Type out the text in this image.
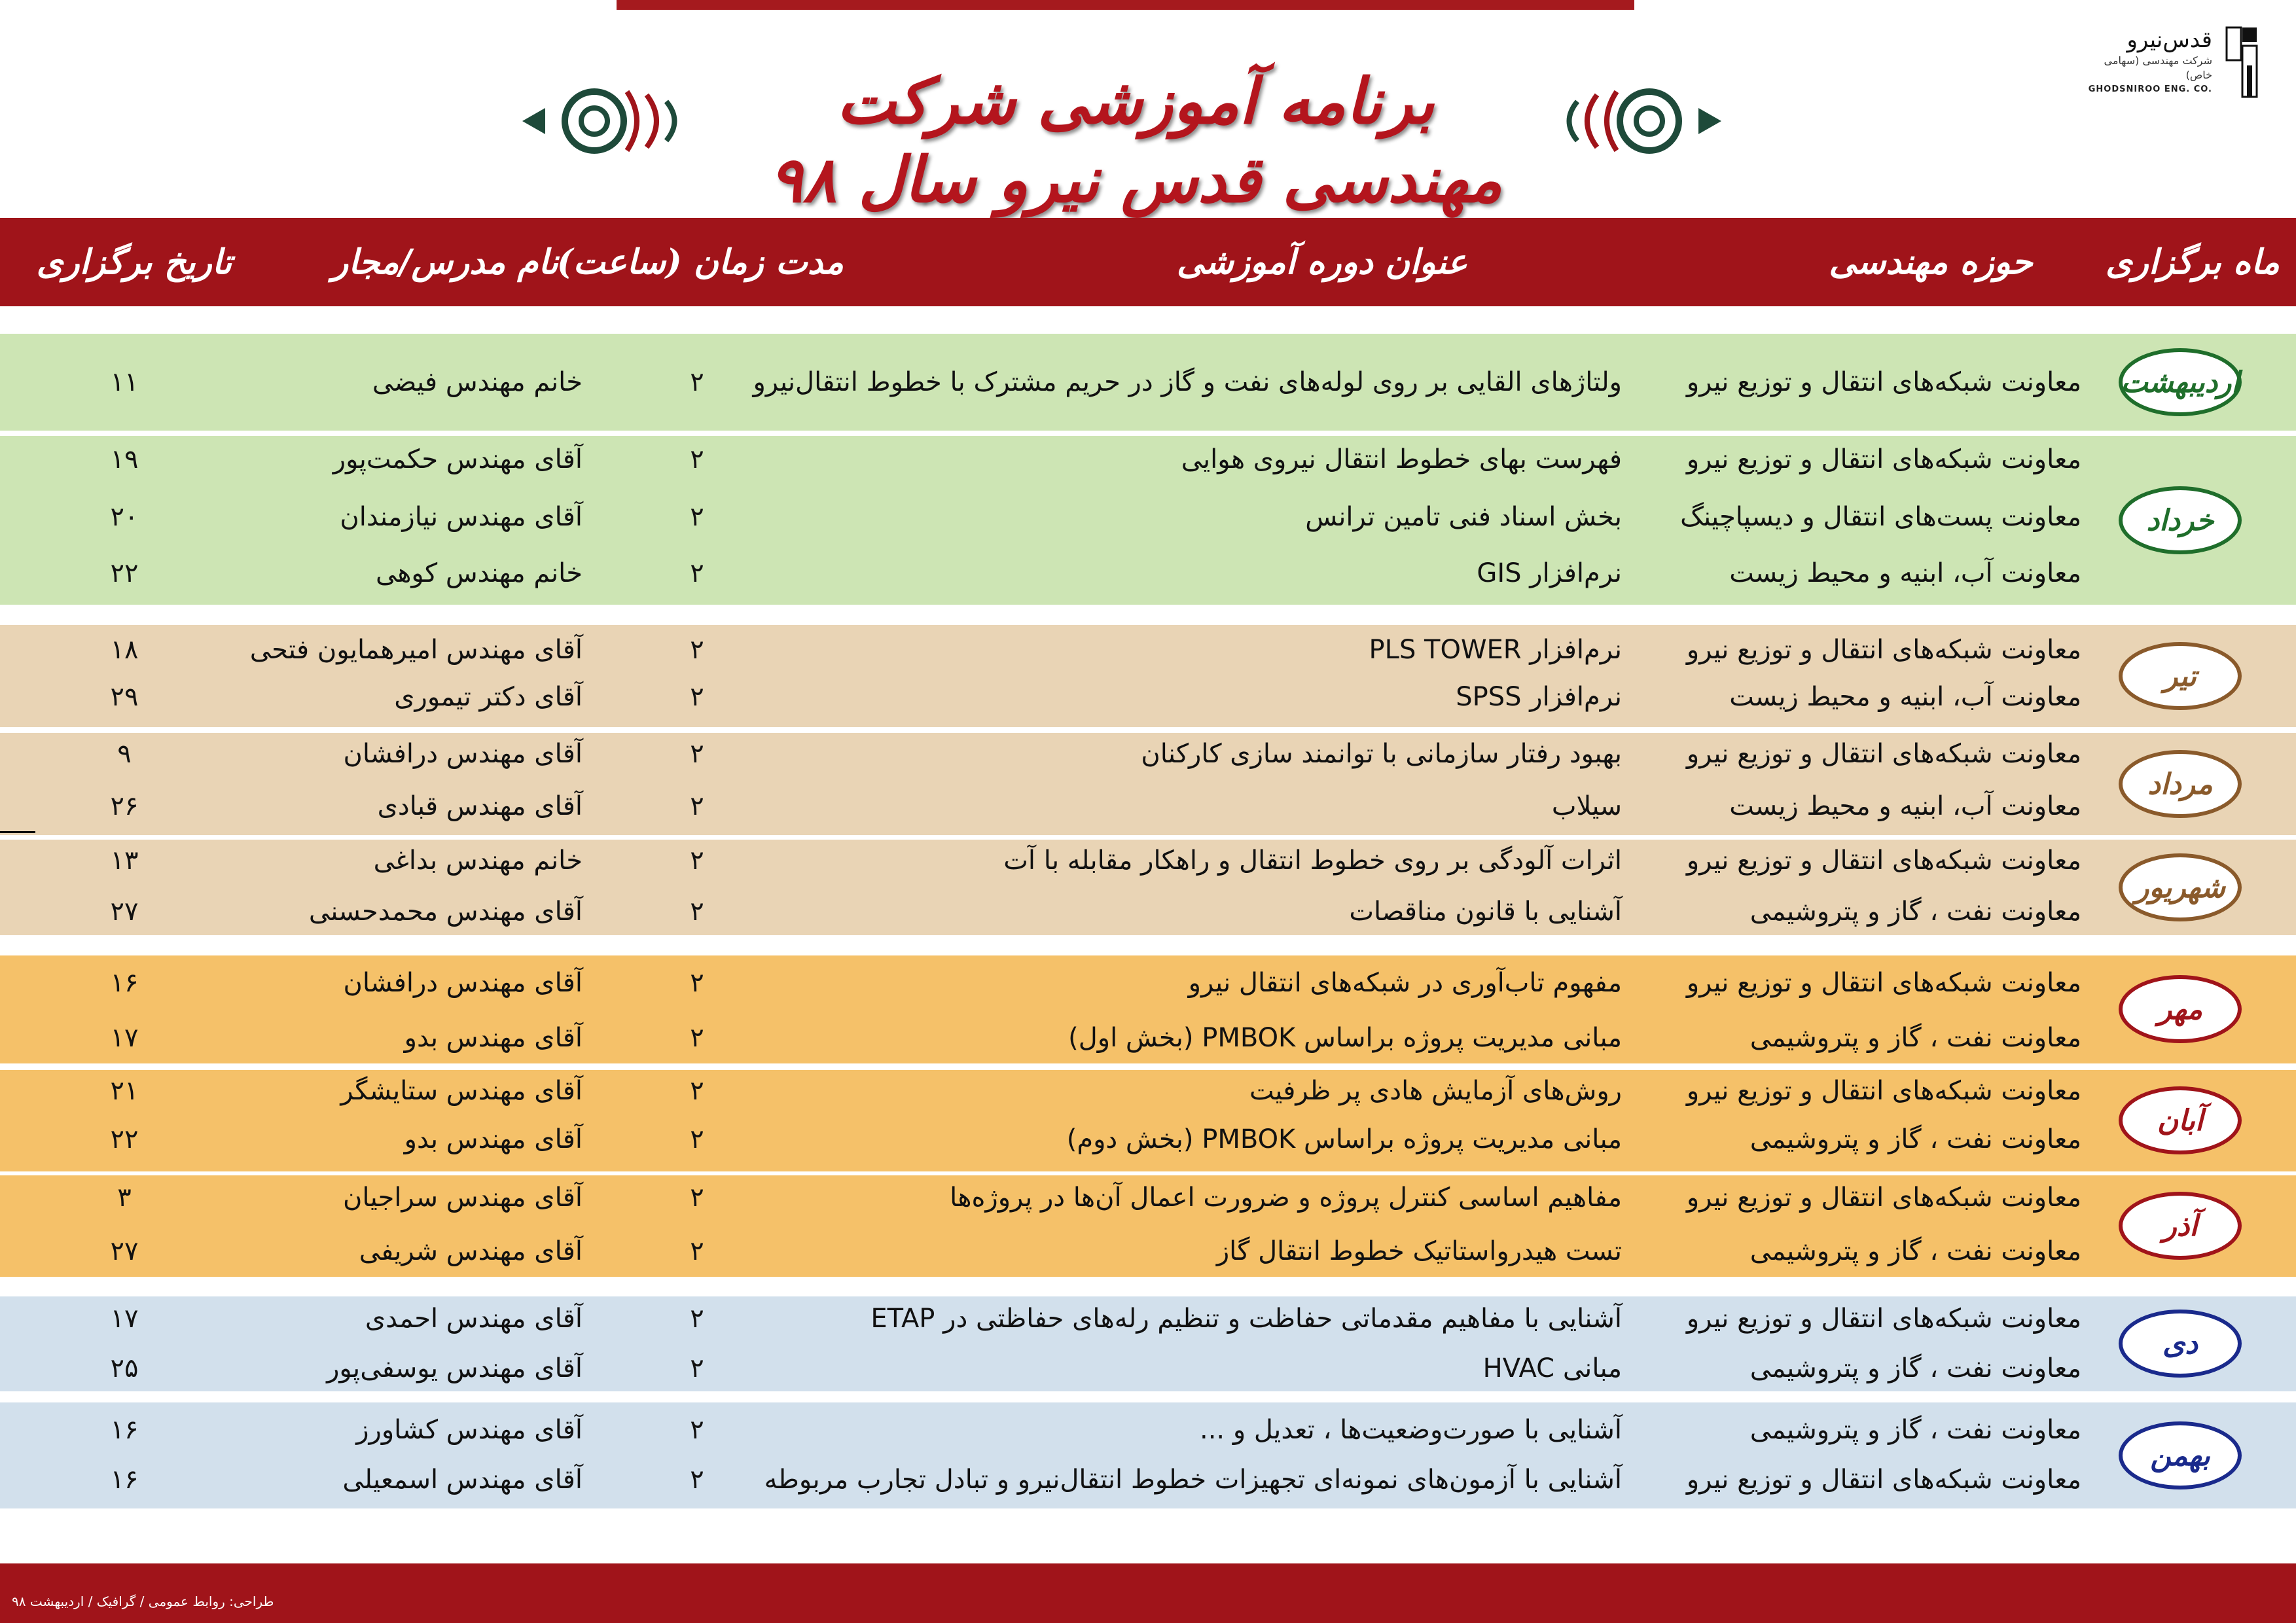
قدس‌نیرو
شرکت مهندسی (سهامی خاص)
GHODSNIROO ENG. CO.
برنامه آموزشی شرکت مهندسی قدس نیرو سال ۹۸
ماه برگزاری
حوزه مهندسی
عنوان دوره آموزشی
مدت زمان (ساعت)
نام مدرس/مجار
تاریخ برگزاری
اردیبهشت
معاونت شبکه‌های انتقال و توزیع نیرو
ولتاژهای القایی بر روی لوله‌های نفت و گاز در حریم مشترک با خطوط انتقال‌نیرو
۲
خانم مهندس فیضی
۱۱
خرداد
معاونت شبکه‌های انتقال و توزیع نیرو
فهرست بهای خطوط انتقال نیروی هوایی
۲
آقای مهندس حکمت‌پور
۱۹
معاونت پست‌های انتقال و دیسپاچینگ
بخش اسناد فنی تامین ترانس
۲
آقای مهندس نیازمندان
۲۰
معاونت آب، ابنیه و محیط زیست
نرم‌افزار GIS
۲
خانم مهندس کوهی
۲۲
تیر
معاونت شبکه‌های انتقال و توزیع نیرو
نرم‌افزار PLS TOWER
۲
آقای مهندس امیرهمایون فتحی
۱۸
معاونت آب، ابنیه و محیط زیست
نرم‌افزار SPSS
۲
آقای دکتر تیموری
۲۹
مرداد
معاونت شبکه‌های انتقال و توزیع نیرو
بهبود رفتار سازمانی با توانمند سازی کارکنان
۲
آقای مهندس درافشان
۹
معاونت آب، ابنیه و محیط زیست
سیلاب
۲
آقای مهندس قبادی
۲۶
شهریور
معاونت شبکه‌های انتقال و توزیع نیرو
اثرات آلودگی بر روی خطوط انتقال و راهکار مقابله با آت
۲
خانم مهندس بداغی
۱۳
معاونت نفت ، گاز و پتروشیمی
آشنایی با قانون مناقصات
۲
آقای مهندس محمدحسنی
۲۷
مهر
معاونت شبکه‌های انتقال و توزیع نیرو
مفهوم تاب‌آوری در شبکه‌های انتقال نیرو
۲
آقای مهندس درافشان
۱۶
معاونت نفت ، گاز و پتروشیمی
مبانی مدیریت پروژه براساس PMBOK (بخش اول)
۲
آقای مهندس بدو
۱۷
آبان
معاونت شبکه‌های انتقال و توزیع نیرو
روش‌های آزمایش هادی پر ظرفیت
۲
آقای مهندس ستایشگر
۲۱
معاونت نفت ، گاز و پتروشیمی
مبانی مدیریت پروژه براساس PMBOK (بخش دوم)
۲
آقای مهندس بدو
۲۲
آذر
معاونت شبکه‌های انتقال و توزیع نیرو
مفاهیم اساسی کنترل پروژه و ضرورت اعمال آن‌ها در پروژه‌ها
۲
آقای مهندس سراجیان
۳
معاونت نفت ، گاز و پتروشیمی
تست هیدرواستاتیک خطوط انتقال گاز
۲
آقای مهندس شریفی
۲۷
دی
معاونت شبکه‌های انتقال و توزیع نیرو
آشنایی با مفاهیم مقدماتی حفاظت و تنظیم رله‌های حفاظتی در ETAP
۲
آقای مهندس احمدی
۱۷
معاونت نفت ، گاز و پتروشیمی
مبانی HVAC
۲
آقای مهندس یوسفی‌پور
۲۵
بهمن
معاونت نفت ، گاز و پتروشیمی
آشنایی با صورت‌وضعیت‌ها ، تعدیل و ...
۲
آقای مهندس کشاورز
۱۶
معاونت شبکه‌های انتقال و توزیع نیرو
آشنایی با آزمون‌های نمونه‌ای تجهیزات خطوط انتقال‌نیرو و تبادل تجارب مربوطه
۲
آقای مهندس اسمعیلی
۱۶
طراحی: روابط عمومی / گرافیک / اردیبهشت ۹۸
